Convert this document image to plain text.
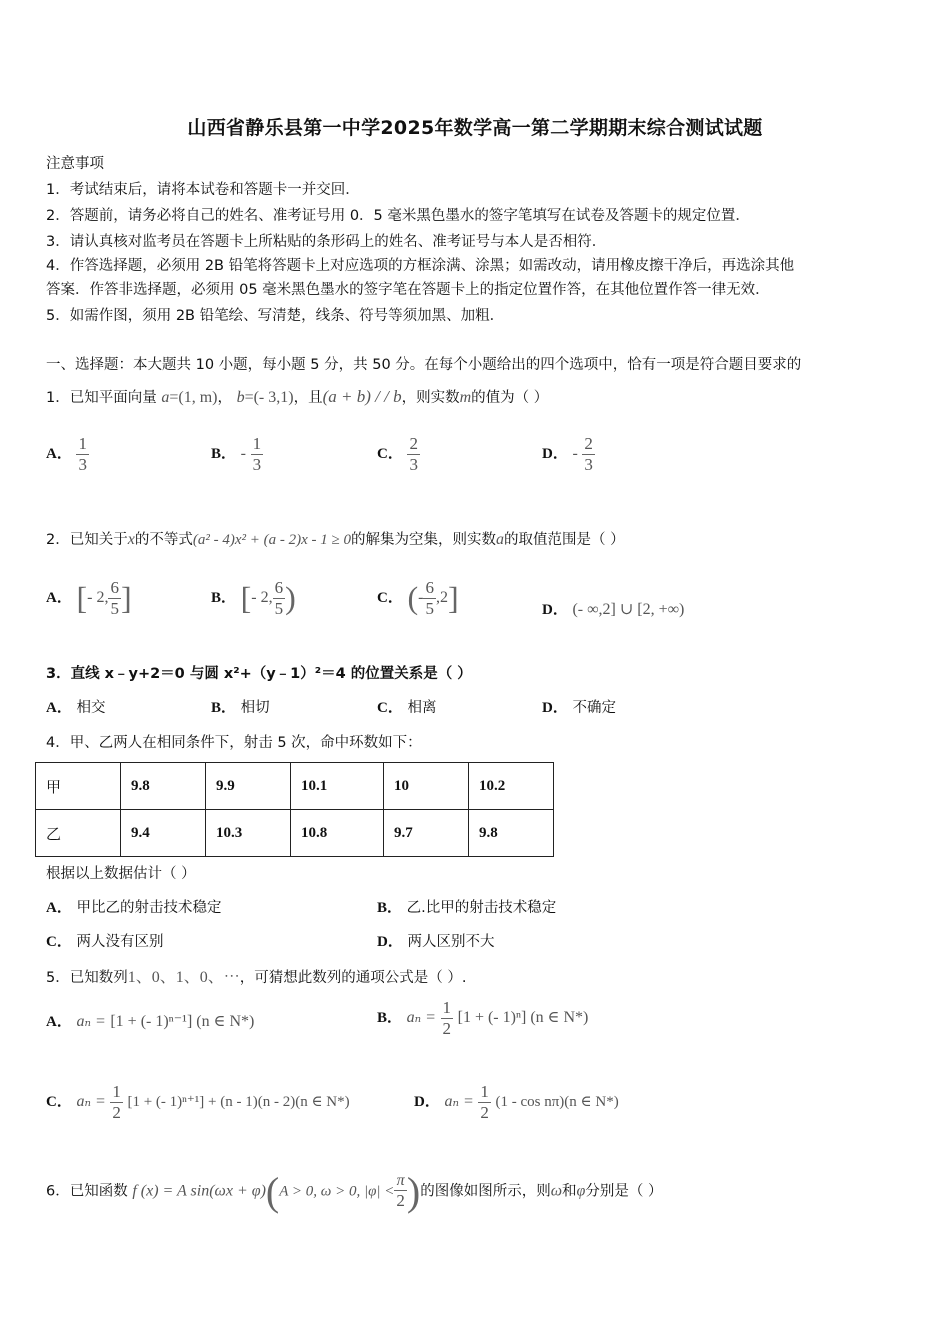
山西省静乐县第一中学2025年数学高一第二学期期末综合测试试题
注意事项
1．考试结束后，请将本试卷和答题卡一并交回．
2．答题前，请务必将自己的姓名、准考证号用 0．5 毫米黑色墨水的签字笔填写在试卷及答题卡的规定位置．
3．请认真核对监考员在答题卡上所粘贴的条形码上的姓名、准考证号与本人是否相符．
4．作答选择题，必须用 2B 铅笔将答题卡上对应选项的方框涂满、涂黑；如需改动，请用橡皮擦干净后，再选涂其他
答案．作答非选择题，必须用 05 毫米黑色墨水的签字笔在答题卡上的指定位置作答，在其他位置作答一律无效．
5．如需作图，须用 2B 铅笔绘、写清楚，线条、符号等须加黑、加粗．
一、选择题：本大题共 10 小题，每小题 5 分，共 50 分。在每个小题给出的四个选项中，恰有一项是符合题目要求的
1．已知平面向量 a=(1, m)， b=(- 3,1)，且(a + b) / / b，则实数m的值为（ ）
A． $\frac{1}{3}$	B． - $\frac{1}{3}$	C． $\frac{2}{3}$	D． - $\frac{2}{3}$
2．已知关于x的不等式(a² - 4)x² + (a - 2)x - 1 ≥ 0的解集为空集，则实数a的取值范围是（ ）
A． [- 2, $\frac{6}{5}$ ]	B． [- 2, $\frac{6}{5}$ )	C． (- $\frac{6}{5} ,2$]	D． (- ∞,2] ∪ [2, +∞)
3．直线 x﹣y+2＝0 与圆 x²+（y﹣1）²＝4 的位置关系是（ ）
A． 相交	B． 相切	C． 相离	D． 不确定
4．甲、乙两人在相同条件下，射击 5 次，命中环数如下：
甲	9.8	9.9	10.1	10	10.2
乙	9.4	10.3	10.8	9.7	9.8
根据以上数据估计（ ）
A． 甲比乙的射击技术稳定	B． 乙.比甲的射击技术稳定
C． 两人没有区别	D． 两人区别不大
5．已知数列1、0、1、0、⋯，可猜想此数列的通项公式是（ ）.
A． aₙ = [1 + (- 1)ⁿ⁻¹] (n ∈ N*)	B． $a_n = \frac{1}{2} [1$ + (- 1)ⁿ] (n ∈ N*)
C． $a_n = \frac{1}{2} [1$ + (- 1)ⁿ⁺¹] + (n - 1)(n - 2)(n ∈ N*)	D． $a_n = \frac{1}{2} (1 - \cos n\pi)(n$ ∈ N*)
6．已知函数 f (x) = A sin(ωx + φ)(A > 0, ω > 0, $|\varphi| < \frac{\pi}{2}$ )的图像如图所示，则ω和φ分别是（ ）
